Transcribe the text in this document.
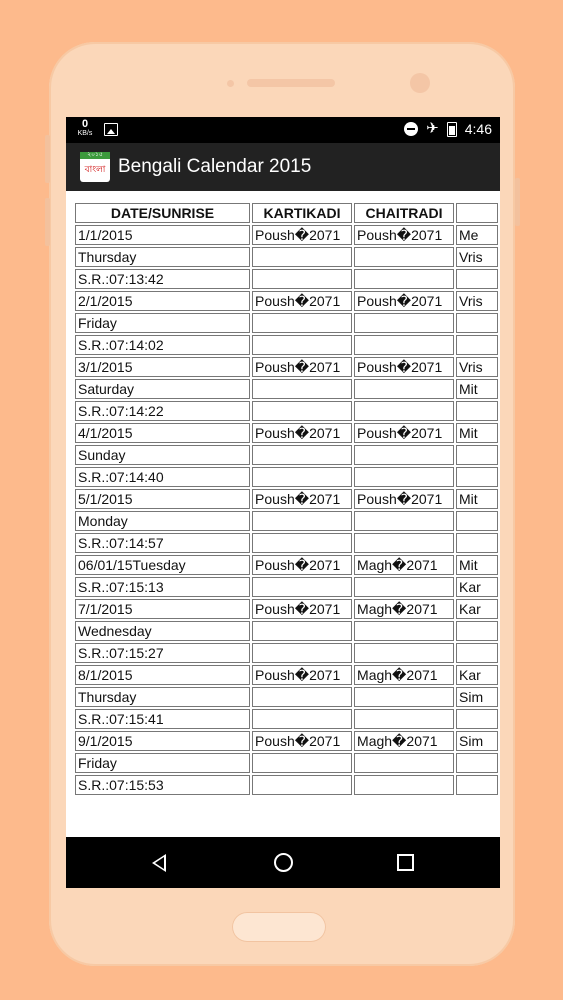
0
KB/s	✈ 4:46
২০১৫
বাংলা Bengali Calendar 2015
DATE/SUNRISE	KARTIKADI	CHAITRADI	
1/1/2015	Poush�2071	Poush�2071	Me
Thursday			Vris
S.R.:07:13:42			
2/1/2015	Poush�2071	Poush�2071	Vris
Friday			
S.R.:07:14:02			
3/1/2015	Poush�2071	Poush�2071	Vris
Saturday			Mit
S.R.:07:14:22			
4/1/2015	Poush�2071	Poush�2071	Mit
Sunday			
S.R.:07:14:40			
5/1/2015	Poush�2071	Poush�2071	Mit
Monday			
S.R.:07:14:57			
06/01/15Tuesday	Poush�2071	Magh�2071	Mit
S.R.:07:15:13			Kar
7/1/2015	Poush�2071	Magh�2071	Kar
Wednesday			
S.R.:07:15:27			
8/1/2015	Poush�2071	Magh�2071	Kar
Thursday			Sim
S.R.:07:15:41			
9/1/2015	Poush�2071	Magh�2071	Sim
Friday			
S.R.:07:15:53			
